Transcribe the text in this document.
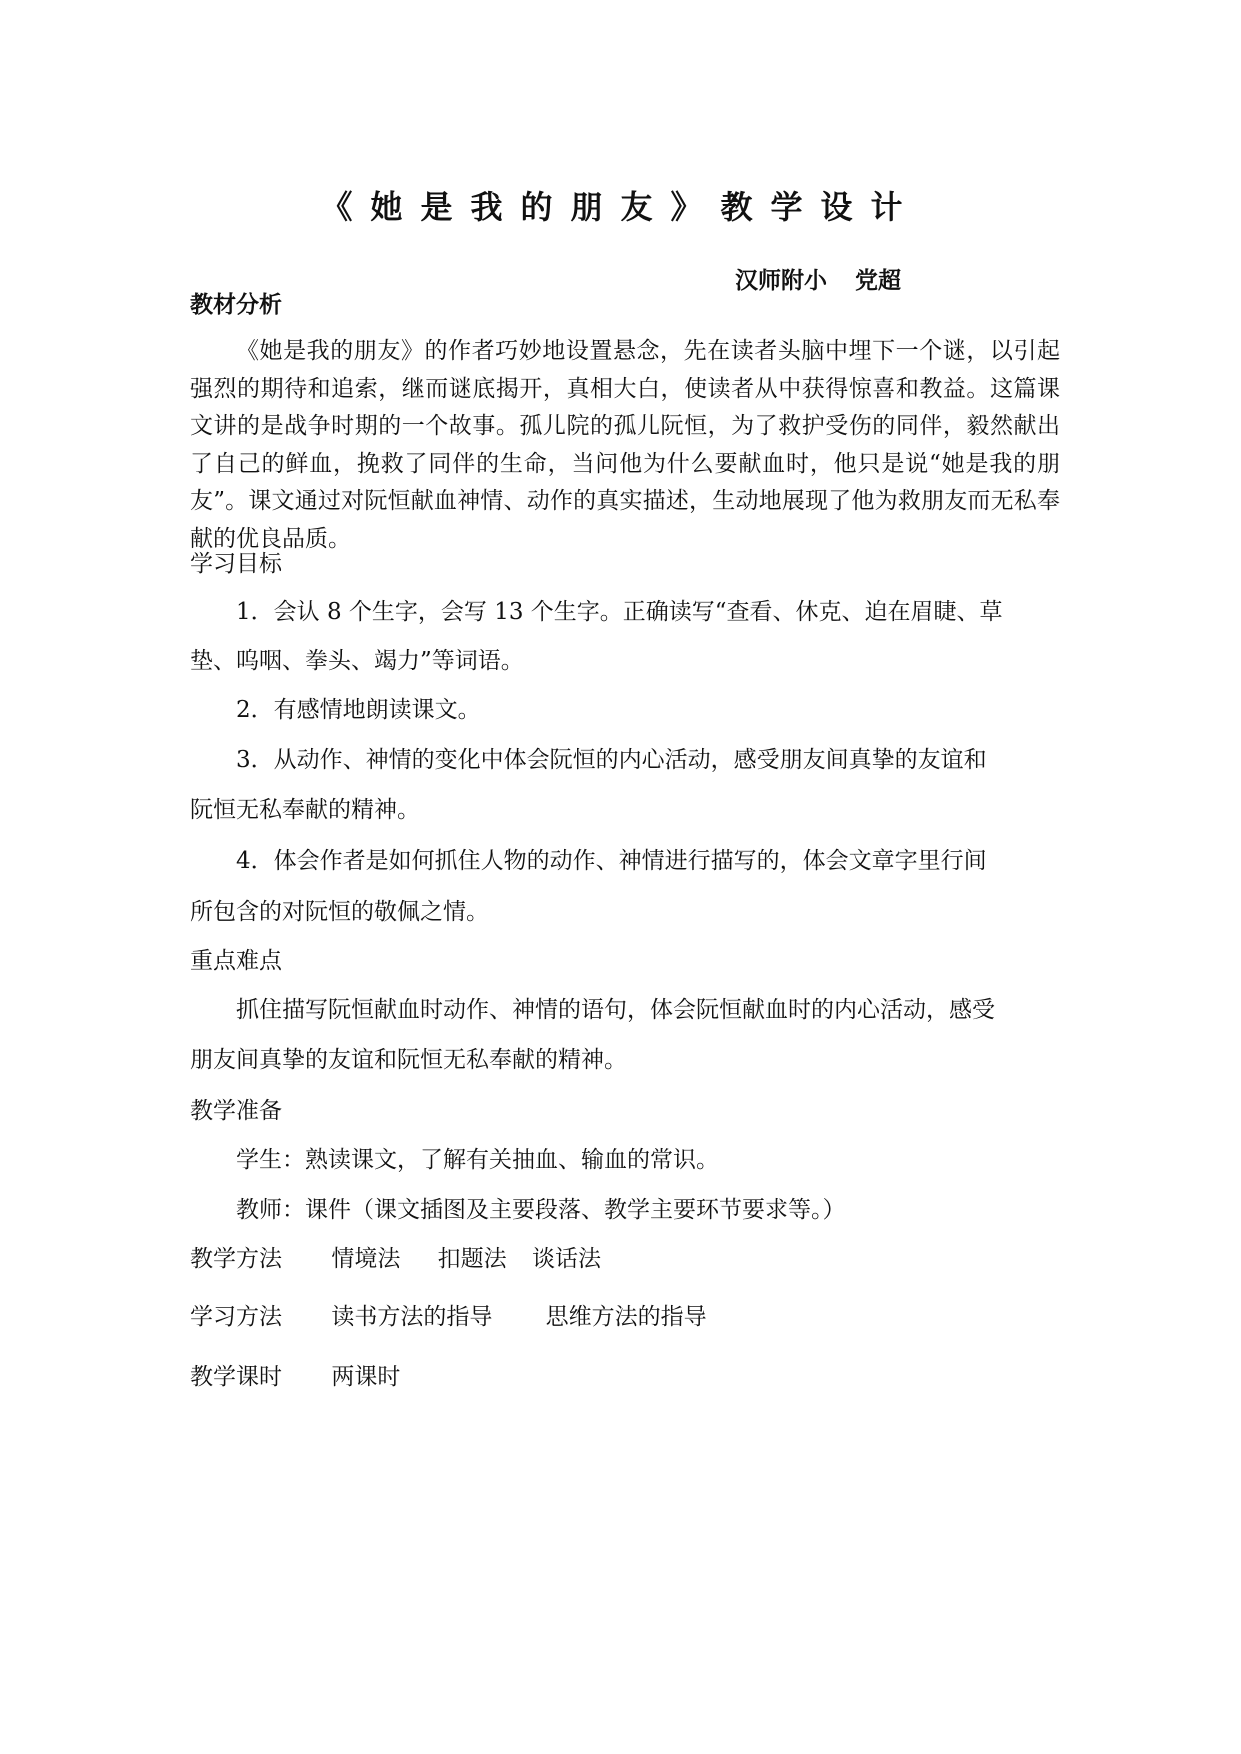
《她是我的朋友》教学设计
汉师附小 党超
教材分析
《她是我的朋友》的作者巧妙地设置悬念，先在读者头脑中埋下一个谜，以引起强烈的期待和追索，继而谜底揭开，真相大白，使读者从中获得惊喜和教益。这篇课文讲的是战争时期的一个故事。孤儿院的孤儿阮恒，为了救护受伤的同伴，毅然献出了自己的鲜血，挽救了同伴的生命，当问他为什么要献血时，他只是说“她是我的朋友”。课文通过对阮恒献血神情、动作的真实描述，生动地展现了他为救朋友而无私奉献的优良品质。
学习目标
1．会认 8 个生字，会写 13 个生字。正确读写“查看、休克、迫在眉睫、草
垫、呜咽、拳头、竭力”等词语。
2．有感情地朗读课文。
3．从动作、神情的变化中体会阮恒的内心活动，感受朋友间真挚的友谊和
阮恒无私奉献的精神。
4．体会作者是如何抓住人物的动作、神情进行描写的，体会文章字里行间
所包含的对阮恒的敬佩之情。
重点难点
抓住描写阮恒献血时动作、神情的语句，体会阮恒献血时的内心活动，感受
朋友间真挚的友谊和阮恒无私奉献的精神。
教学准备
学生：熟读课文，了解有关抽血、输血的常识。
教师：课件（课文插图及主要段落、教学主要环节要求等。）
教学方法 情境法 扣题法 谈话法
学习方法 读书方法的指导 思维方法的指导
教学课时 两课时
